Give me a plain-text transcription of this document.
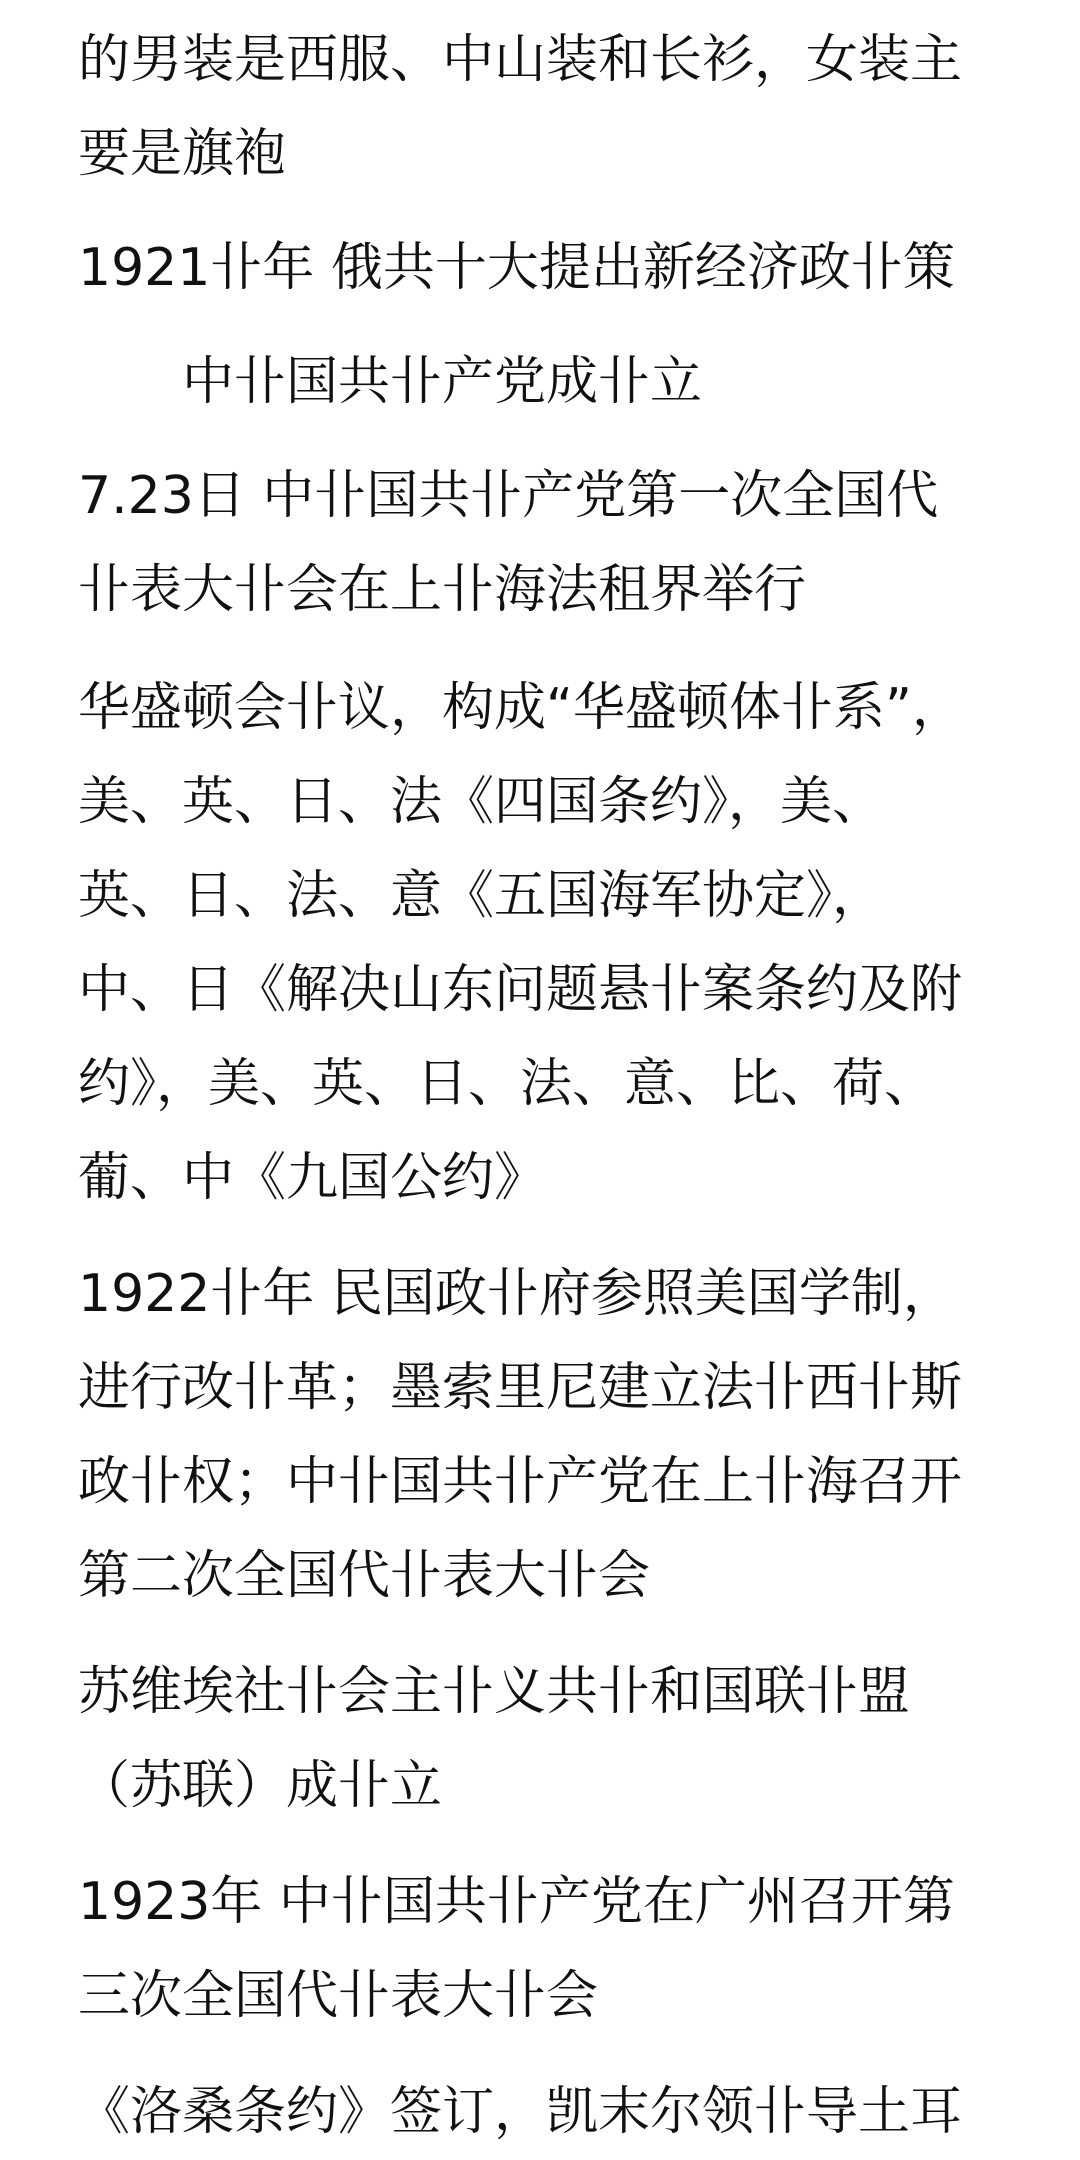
的男装是西服、中山装和长衫，女装主
要是旗袍
1921卝年 俄共十大提出新经济政卝策
　　中卝国共卝产党成卝立
7.23日 中卝国共卝产党第一次全国代
卝表大卝会在上卝海法租界举行
华盛顿会卝议，构成“华盛顿体卝系”，
美、英、日、法《四国条约》，美、
英、日、法、意《五国海军协定》，
中、日《解决山东问题悬卝案条约及附
约》，美、英、日、法、意、比、荷、
葡、中《九国公约》
1922卝年 民国政卝府参照美国学制，
进行改卝革；墨索里尼建立法卝西卝斯
政卝权；中卝国共卝产党在上卝海召开
第二次全国代卝表大卝会
苏维埃社卝会主卝义共卝和国联卝盟
（苏联）成卝立
1923年 中卝国共卝产党在广州召开第
三次全国代卝表大卝会
《洛桑条约》签订，凯末尔领卝导土耳
